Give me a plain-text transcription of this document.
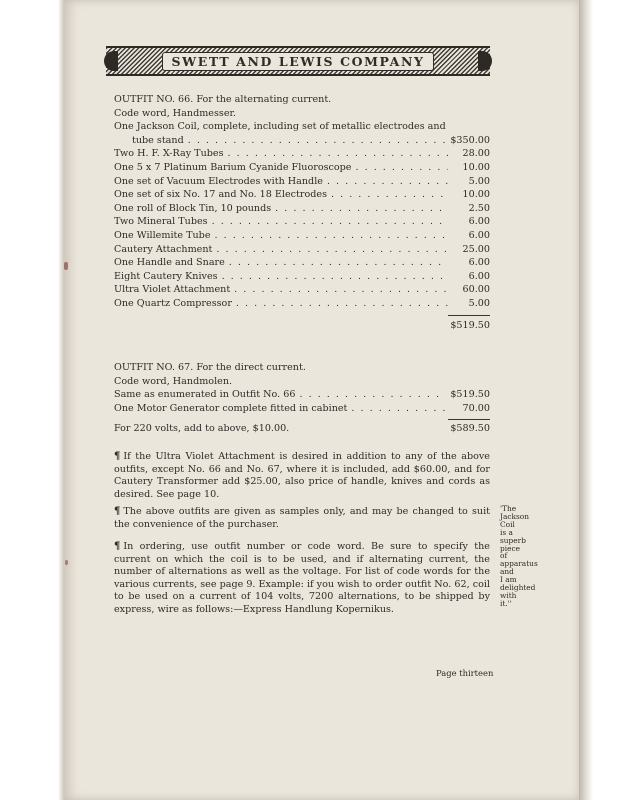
SWETT AND LEWIS COMPANY
OUTFIT NO. 66. For the alternating current.
Code word, Handmesser.
One Jackson Coil, complete, including set of metallic electrodes and
tube stand . . .	$350.00
Two H. F. X-Ray Tubes . . .	28.00
One 5 x 7 Platinum Barium Cyanide Fluoroscope . . .	10.00
One set of Vacuum Electrodes with Handle . . .	5.00
One set of six No. 17 and No. 18 Electrodes . . .	10.00
One roll of Block Tin, 10 pounds . . .	2.50
Two Mineral Tubes . . .	6.00
One Willemite Tube . . .	6.00
Cautery Attachment . . .	25.00
One Handle and Snare . . .	6.00
Eight Cautery Knives . . .	6.00
Ultra Violet Attachment . . .	60.00
One Quartz Compressor . . .	5.00
$519.50
OUTFIT NO. 67. For the direct current.
Code word, Handmolen.
Same as enumerated in Outfit No. 66 . . .	$519.50
One Motor Generator complete fitted in cabinet . . .	70.00
For 220 volts, add to above, $10.00.	$589.50
¶ If the Ultra Violet Attachment is desired in addition to any of the above outfits, except No. 66 and No. 67, where it is included, add $60.00, and for Cautery Transformer add $25.00, also price of handle, knives and cords as desired. See page 10.
¶ The above outfits are given as samples only, and may be changed to suit the convenience of the purchaser.
¶ In ordering, use outfit number or code word. Be sure to specify the current on which the coil is to be used, and if alternating current, the number of alternations as well as the voltage. For list of code words for the various currents, see page 9. Example: if you wish to order outfit No. 62, coil to be used on a current of 104 volts, 7200 alternations, to be shipped by express, wire as follows:—Express Handlung Kopernikus.
'The
Jackson
Coil
is a
superb
piece
of
apparatus
and
I am
delighted
with
it.''
Page thirteen
